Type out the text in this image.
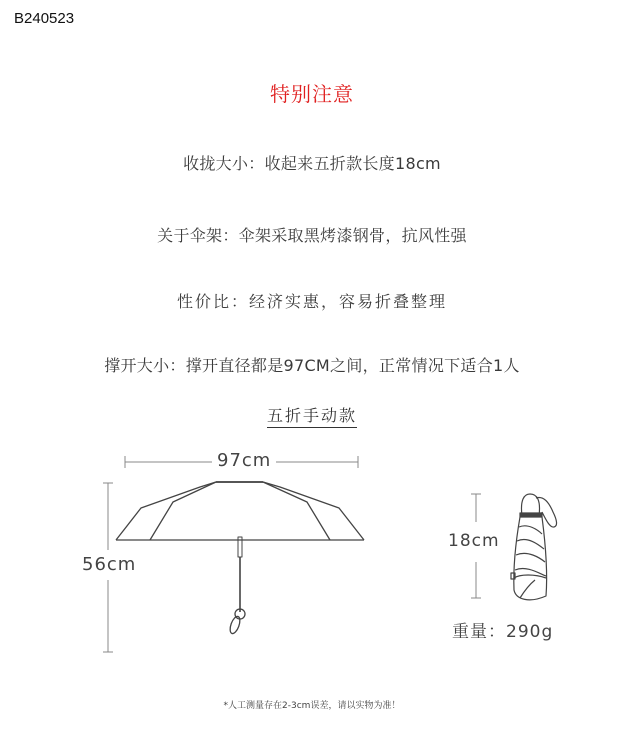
B240523
特别注意
收拢大小：收起来五折款长度18cm
关于伞架：伞架采取黑烤漆钢骨，抗风性强
性价比：经济实惠，容易折叠整理
撑开大小：撑开直径都是97CM之间，正常情况下适合1人
五折手动款
97cm
56cm
18cm
重量：290g
*人工测量存在2-3cm误差，请以实物为准！
